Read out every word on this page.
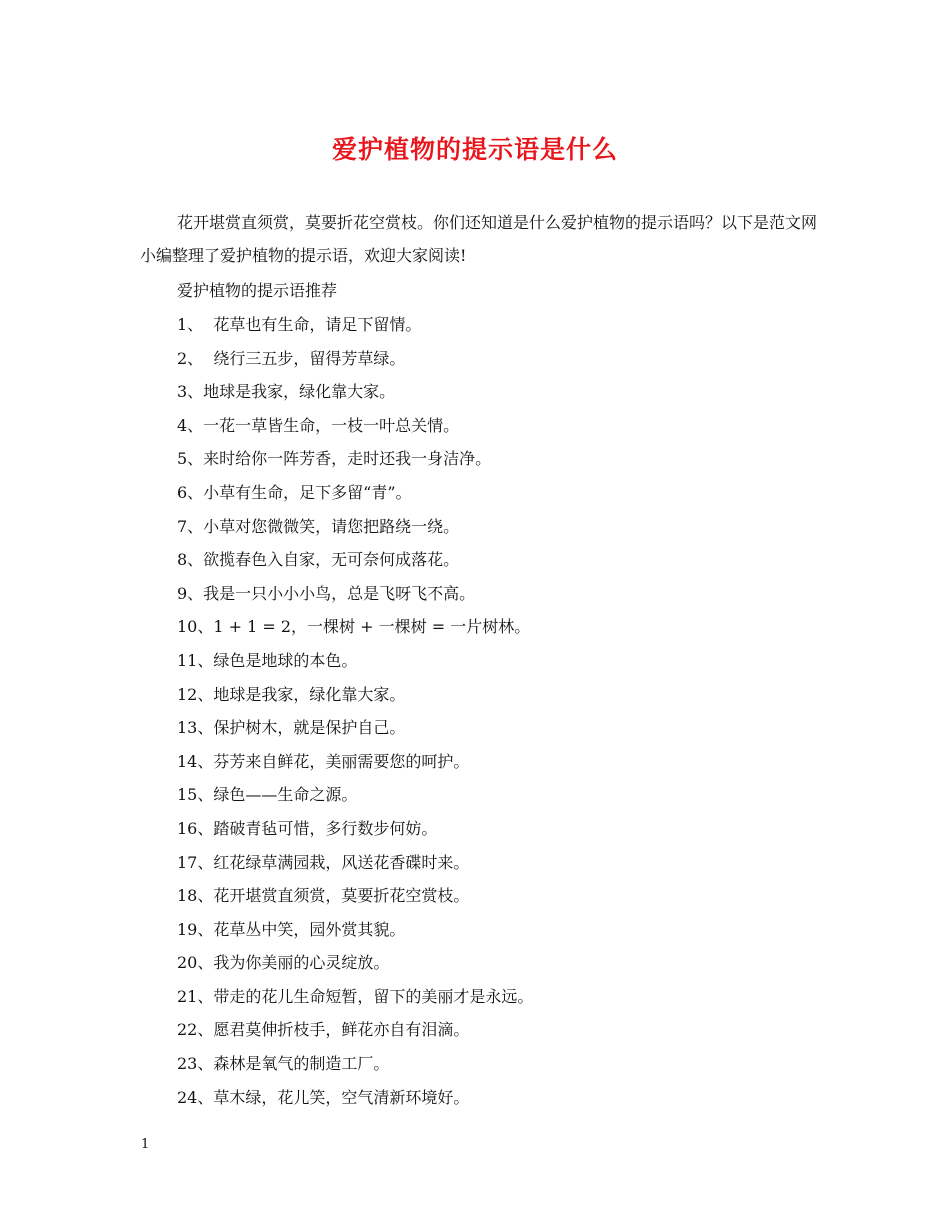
爱护植物的提示语是什么
花开堪赏直须赏，莫要折花空赏枝。你们还知道是什么爱护植物的提示语吗？以下是范文网小编整理了爱护植物的提示语，欢迎大家阅读!
爱护植物的提示语推荐
1、  花草也有生命，请足下留情。
2、  绕行三五步，留得芳草绿。
3、地球是我家，绿化靠大家。
4、一花一草皆生命，一枝一叶总关情。
5、来时给你一阵芳香，走时还我一身洁净。
6、小草有生命，足下多留“青”。
7、小草对您微微笑，请您把路绕一绕。
8、欲揽春色入自家，无可奈何成落花。
9、我是一只小小小鸟，总是飞呀飞不高。
10、1 + 1 = 2，一棵树 + 一棵树 = 一片树林。
11、绿色是地球的本色。
12、地球是我家，绿化靠大家。
13、保护树木，就是保护自己。
14、芬芳来自鲜花，美丽需要您的呵护。
15、绿色——生命之源。
16、踏破青毡可惜，多行数步何妨。
17、红花绿草满园栽，风送花香碟时来。
18、花开堪赏直须赏，莫要折花空赏枝。
19、花草丛中笑，园外赏其貌。
20、我为你美丽的心灵绽放。
21、带走的花儿生命短暂，留下的美丽才是永远。
22、愿君莫伸折枝手，鲜花亦自有泪滴。
23、森林是氧气的制造工厂。
24、草木绿，花儿笑，空气清新环境好。
1
